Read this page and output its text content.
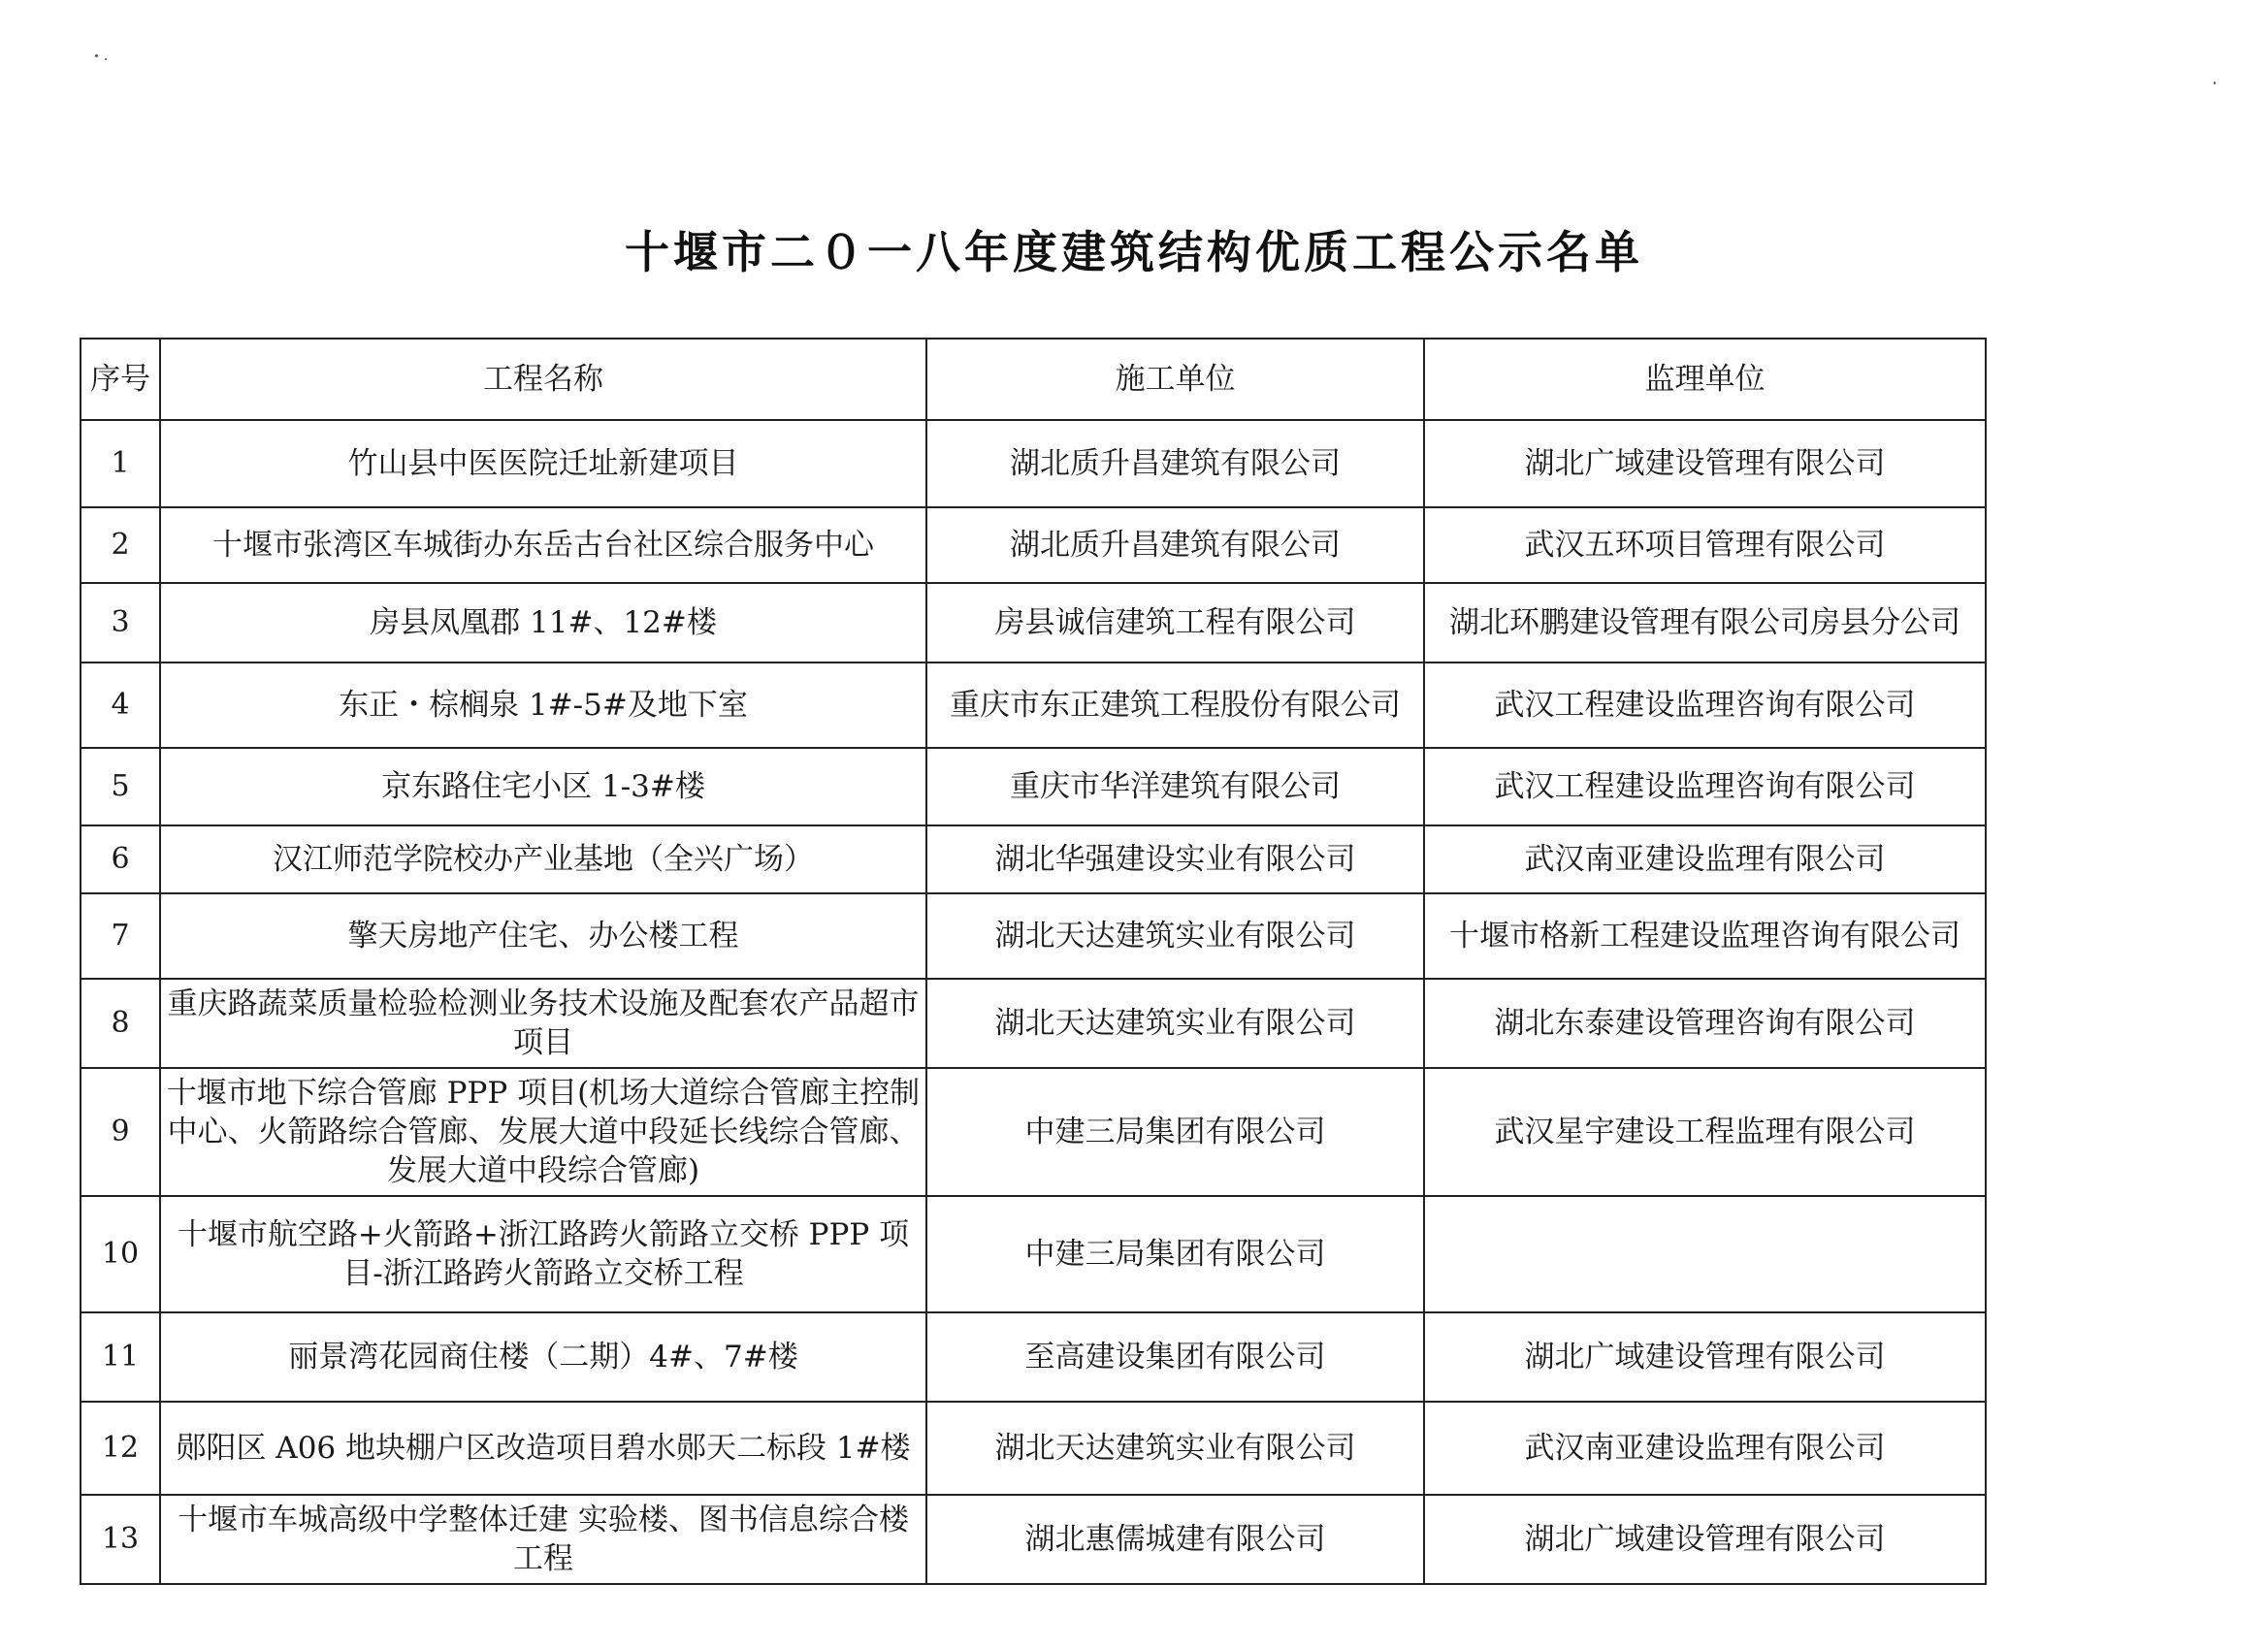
十堰市二０一八年度建筑结构优质工程公示名单
序号	工程名称	施工单位	监理单位
1	竹山县中医医院迁址新建项目	湖北质升昌建筑有限公司	湖北广域建设管理有限公司
2	十堰市张湾区车城街办东岳古台社区综合服务中心	湖北质升昌建筑有限公司	武汉五环项目管理有限公司
3	房县凤凰郡 11#、12#楼	房县诚信建筑工程有限公司	湖北环鹏建设管理有限公司房县分公司
4	东正・棕榈泉 1#-5#及地下室	重庆市东正建筑工程股份有限公司	武汉工程建设监理咨询有限公司
5	京东路住宅小区 1-3#楼	重庆市华洋建筑有限公司	武汉工程建设监理咨询有限公司
6	汉江师范学院校办产业基地（全兴广场）	湖北华强建设实业有限公司	武汉南亚建设监理有限公司
7	擎天房地产住宅、办公楼工程	湖北天达建筑实业有限公司	十堰市格新工程建设监理咨询有限公司
8	重庆路蔬菜质量检验检测业务技术设施及配套农产品超市项目	湖北天达建筑实业有限公司	湖北东泰建设管理咨询有限公司
9	十堰市地下综合管廊 PPP 项目(机场大道综合管廊主控制中心、火箭路综合管廊、发展大道中段延长线综合管廊、发展大道中段综合管廊)	中建三局集团有限公司	武汉星宇建设工程监理有限公司
10	十堰市航空路+火箭路+浙江路跨火箭路立交桥 PPP 项目-浙江路跨火箭路立交桥工程	中建三局集团有限公司	
11	丽景湾花园商住楼（二期）4#、7#楼	至高建设集团有限公司	湖北广域建设管理有限公司
12	郧阳区 A06 地块棚户区改造项目碧水郧天二标段 1#楼	湖北天达建筑实业有限公司	武汉南亚建设监理有限公司
13	十堰市车城高级中学整体迁建 实验楼、图书信息综合楼工程	湖北惠儒城建有限公司	湖北广域建设管理有限公司
